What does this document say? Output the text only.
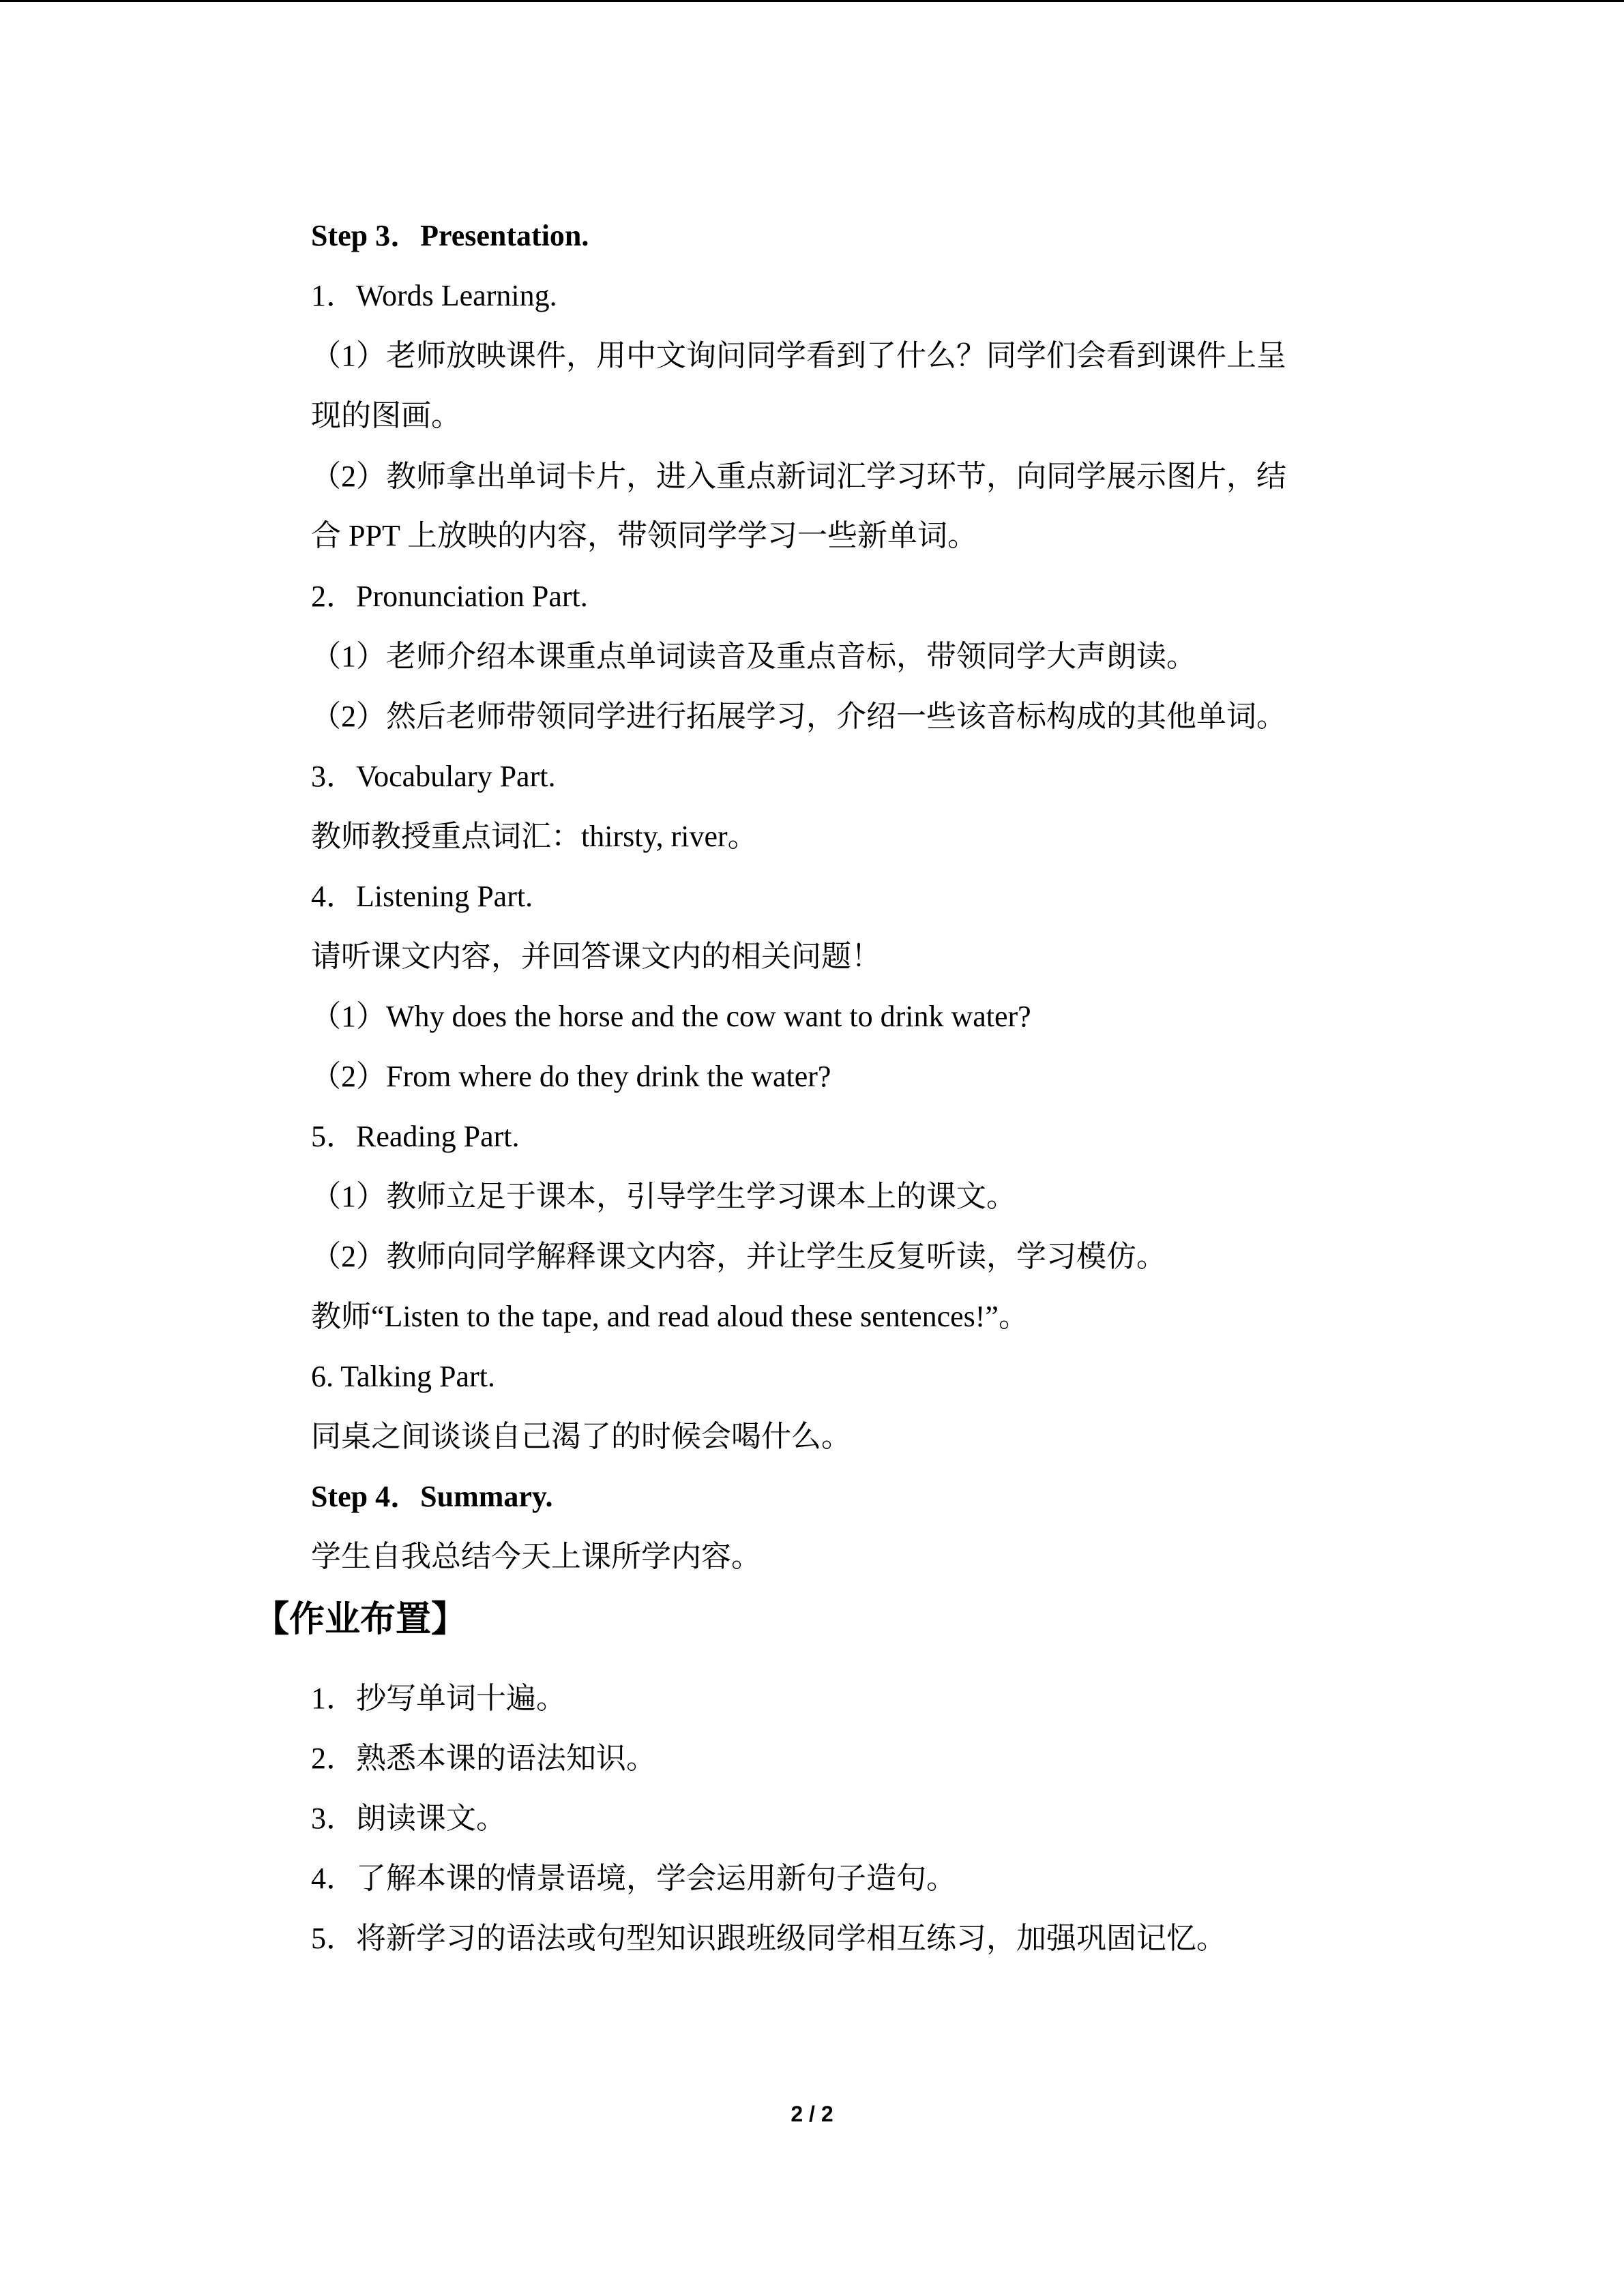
Step 3．Presentation.
1．Words Learning.
（1）老师放映课件，用中文询问同学看到了什么？同学们会看到课件上呈
现的图画。
（2）教师拿出单词卡片，进入重点新词汇学习环节，向同学展示图片，结
合 PPT 上放映的内容，带领同学学习一些新单词。
2．Pronunciation Part.
（1）老师介绍本课重点单词读音及重点音标，带领同学大声朗读。
（2）然后老师带领同学进行拓展学习，介绍一些该音标构成的其他单词。
3．Vocabulary Part.
教师教授重点词汇：thirsty, river。
4．Listening Part.
请听课文内容，并回答课文内的相关问题！
（1）Why does the horse and the cow want to drink water?
（2）From where do they drink the water?
5．Reading Part.
（1）教师立足于课本，引导学生学习课本上的课文。
（2）教师向同学解释课文内容，并让学生反复听读，学习模仿。
教师“Listen to the tape, and read aloud these sentences!”。
6. Talking Part.
同桌之间谈谈自己渴了的时候会喝什么。
Step 4．Summary.
学生自我总结今天上课所学内容。
【作业布置】
1．抄写单词十遍。
2．熟悉本课的语法知识。
3．朗读课文。
4．了解本课的情景语境，学会运用新句子造句。
5．将新学习的语法或句型知识跟班级同学相互练习，加强巩固记忆。
2 / 2
